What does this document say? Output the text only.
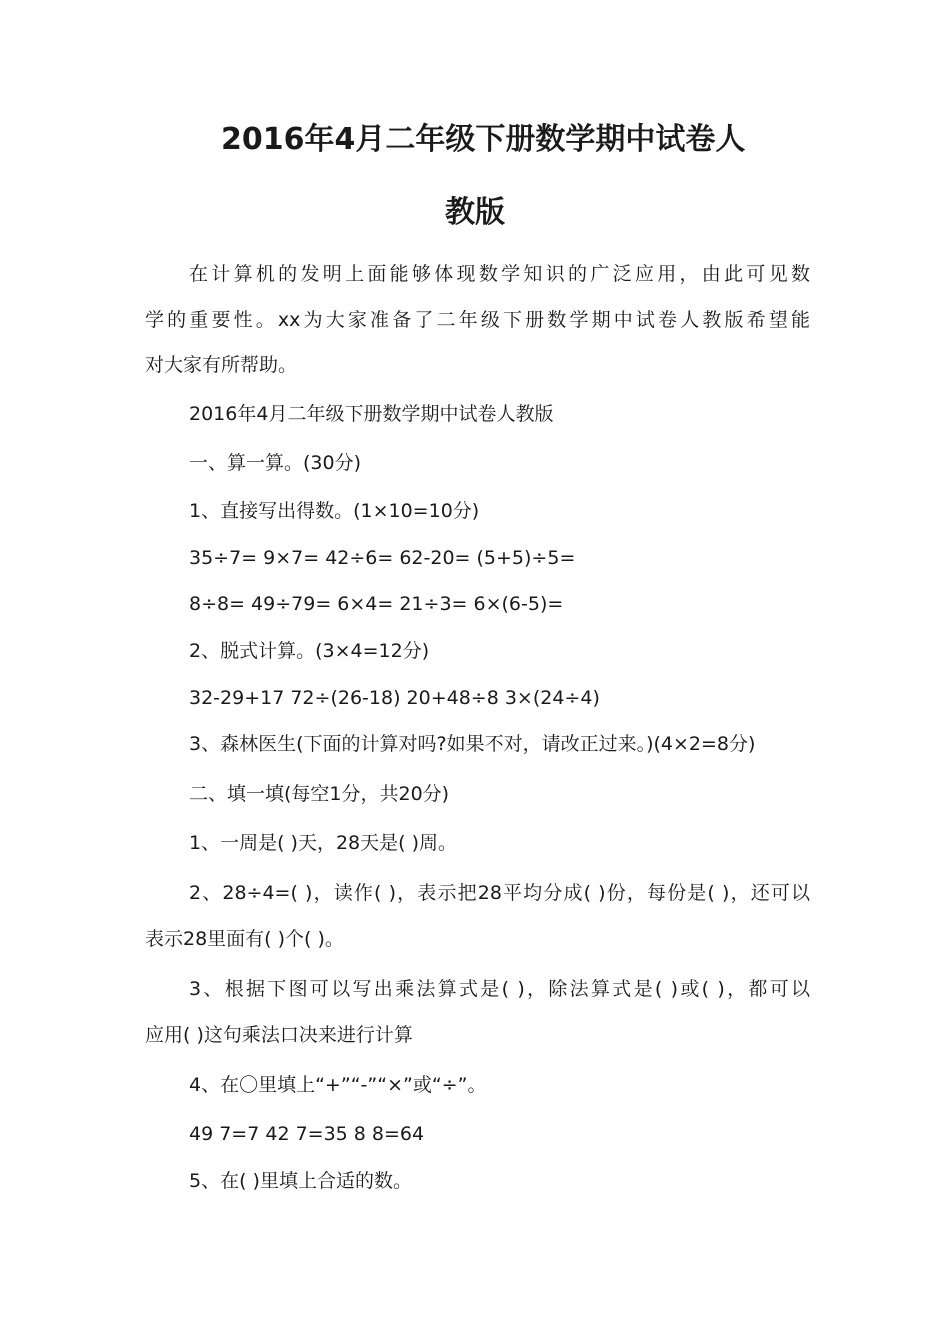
2016年4月二年级下册数学期中试卷人
教版

在计算机的发明上面能够体现数学知识的广泛应用，由此可见数

学的重要性。xx为大家准备了二年级下册数学期中试卷人教版希望能

对大家有所帮助。

2016年4月二年级下册数学期中试卷人教版

一、算一算。(30分)

1、直接写出得数。(1×10=10分)

35÷7= 9×7= 42÷6= 62-20= (5+5)÷5=

8÷8= 49÷79= 6×4= 21÷3= 6×(6-5)=

2、脱式计算。(3×4=12分)

32-29+17 72÷(26-18) 20+48÷8 3×(24÷4)

3、森林医生(下面的计算对吗?如果不对，请改正过来。)(4×2=8分)

二、填一填(每空1分，共20分)

1、一周是( )天，28天是( )周。

2、28÷4=( )，读作( )，表示把28平均分成( )份，每份是( )，还可以

表示28里面有( )个( )。

3、根据下图可以写出乘法算式是( )，除法算式是( )或( )，都可以

应用( )这句乘法口决来进行计算

4、在〇里填上“+”“-”“×”或“÷”。

49 7=7 42 7=35 8 8=64

5、在( )里填上合适的数。
